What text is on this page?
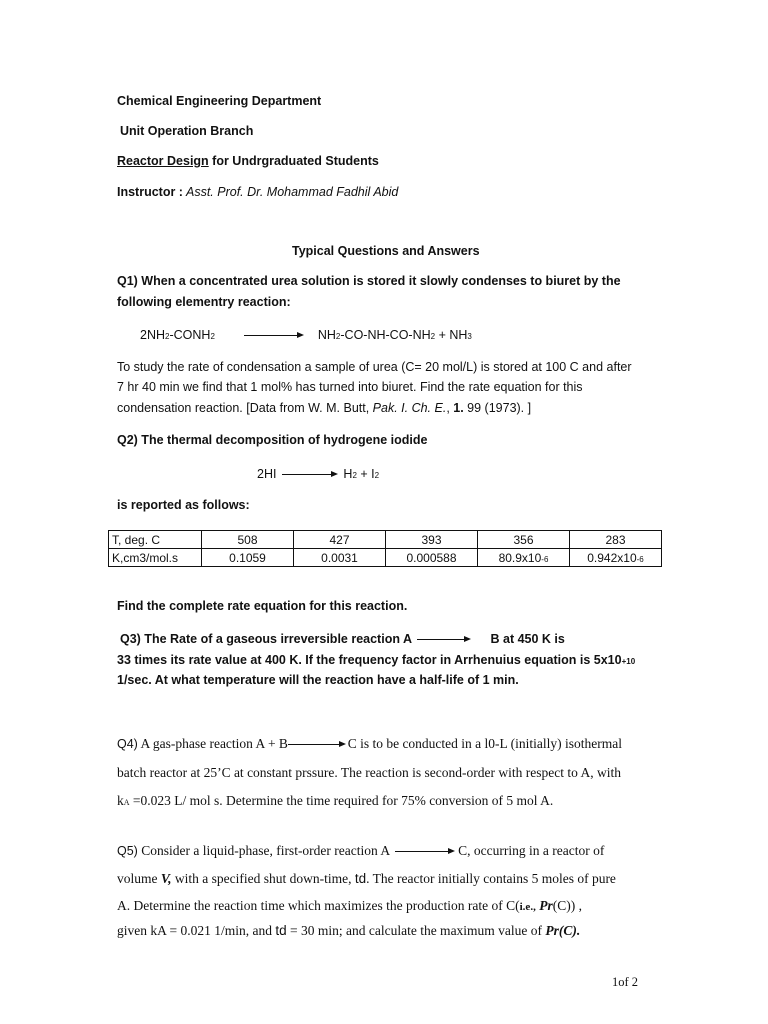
Chemical Engineering Department
Unit Operation Branch
Reactor Design for Undrgraduated Students
Instructor : Asst. Prof. Dr. Mohammad Fadhil Abid
Typical Questions and Answers
Q1) When a concentrated urea solution is stored it slowly condenses to biuret by the
following elementry reaction:
2NH2-CONH2	NH2-CO-NH-CO-NH2 + NH3
To study the rate of condensation a sample of urea (C= 20 mol/L) is stored at 100 C and after
7 hr 40 min we find that 1 mol% has turned into biuret. Find the rate equation for this
condensation reaction. [Data from W. M. Butt, Pak. I. Ch. E., 1. 99 (1973). ]
Q2) The thermal decomposition of hydrogene iodide
2HI	H2 + I2
is reported as follows:
T, deg. C	508	427	393	356	283
K,cm3/mol.s	0.1059	0.0031	0.000588	80.9x10-6	0.942x10-6
Find the complete rate equation for this reaction.
Q3) The Rate of a gaseous irreversible reaction A	B at 450 K is
33 times its rate value at 400 K. If the frequency factor in Arrhenuius equation is 5x10+10
1/sec. At what temperature will the reaction have a half-life of 1 min.
Q4) A gas-phase reaction A + B	C is to be conducted in a l0-L (initially) isothermal
batch reactor at 25’C at constant prssure. The reaction is second-order with respect to A, with
kA =0.023 L/ mol s. Determine the time required for 75% conversion of 5 mol A.
Q5) Consider a liquid-phase, first-order reaction A	C, occurring in a reactor of
volume V, with a specified shut down-time, td. The reactor initially contains 5 moles of pure
A. Determine the reaction time which maximizes the production rate of C(i.e., Pr(C)) ,
given kA = 0.021 1/min, and td = 30 min; and calculate the maximum value of Pr(C).
1of 2
